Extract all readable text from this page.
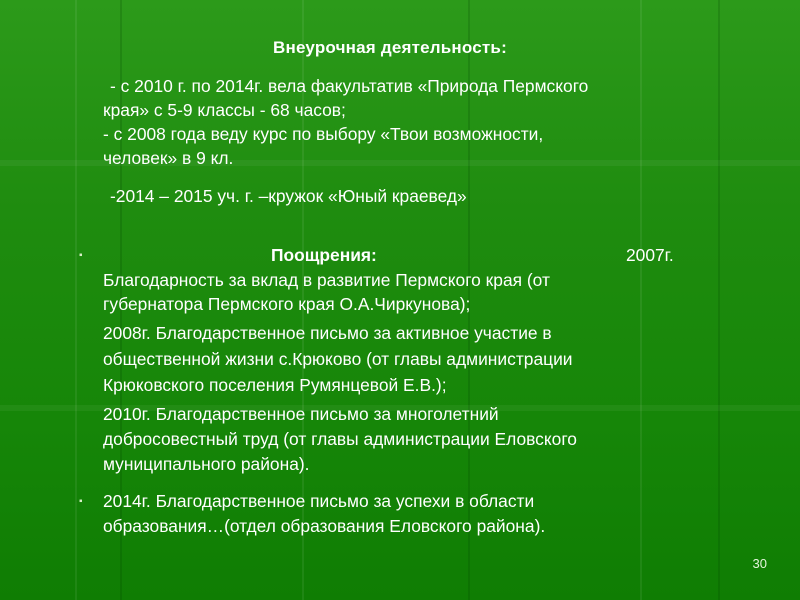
Внеурочная деятельность:
- с 2010 г. по 2014г. вела факультатив «Природа Пермского
края» с 5-9 классы - 68 часов;
- с 2008 года веду курс по выбору «Твои возможности,
человек» в 9 кл.
-2014 – 2015 уч. г. –кружок «Юный краевед»
▪	Поощрения:	2007г.
Благодарность за вклад в развитие Пермского края (от
губернатора Пермского края О.А.Чиркунова);
2008г. Благодарственное письмо за активное участие в
общественной жизни с.Крюково (от главы администрации
Крюковского поселения Румянцевой Е.В.);
2010г. Благодарственное письмо за многолетний
добросовестный труд (от главы администрации Еловского
муниципального района).
▪ 2014г. Благодарственное письмо за успехи в области
образования…(отдел образования Еловского района).
30
